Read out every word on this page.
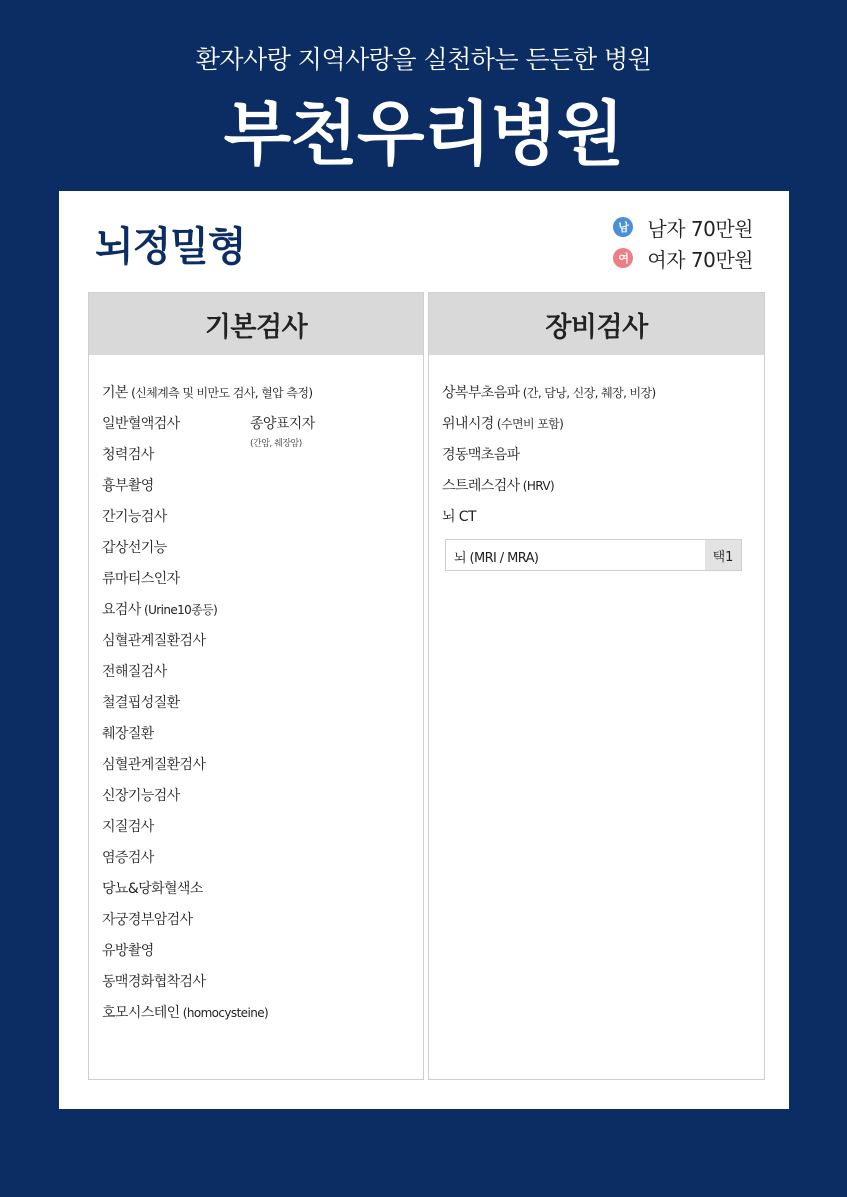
환자사랑 지역사랑을 실천하는 든든한 병원
부천우리병원
뇌정밀형	남 남자 70만원
여 여자 70만원
기본검사
기본 (신체계측 및 비만도 검사, 혈압 측정)
일반혈액검사
청력검사
흉부촬영
간기능검사
갑상선기능
류마티스인자
요검사 (Urine10종등)
심혈관계질환검사
전해질검사
철결핍성질환
췌장질환
심혈관계질환검사
신장기능검사
지질검사
염증검사
당뇨&당화혈색소
자궁경부암검사
유방촬영
동맥경화협착검사
호모시스테인 (homocysteine)
종양표지자
(간암, 췌장암)
장비검사
상복부초음파 (간, 담낭, 신장, 췌장, 비장)
위내시경 (수면비 포함)
경동맥초음파
스트레스검사 (HRV)
뇌 CT
뇌 (MRI / MRA)	택1
